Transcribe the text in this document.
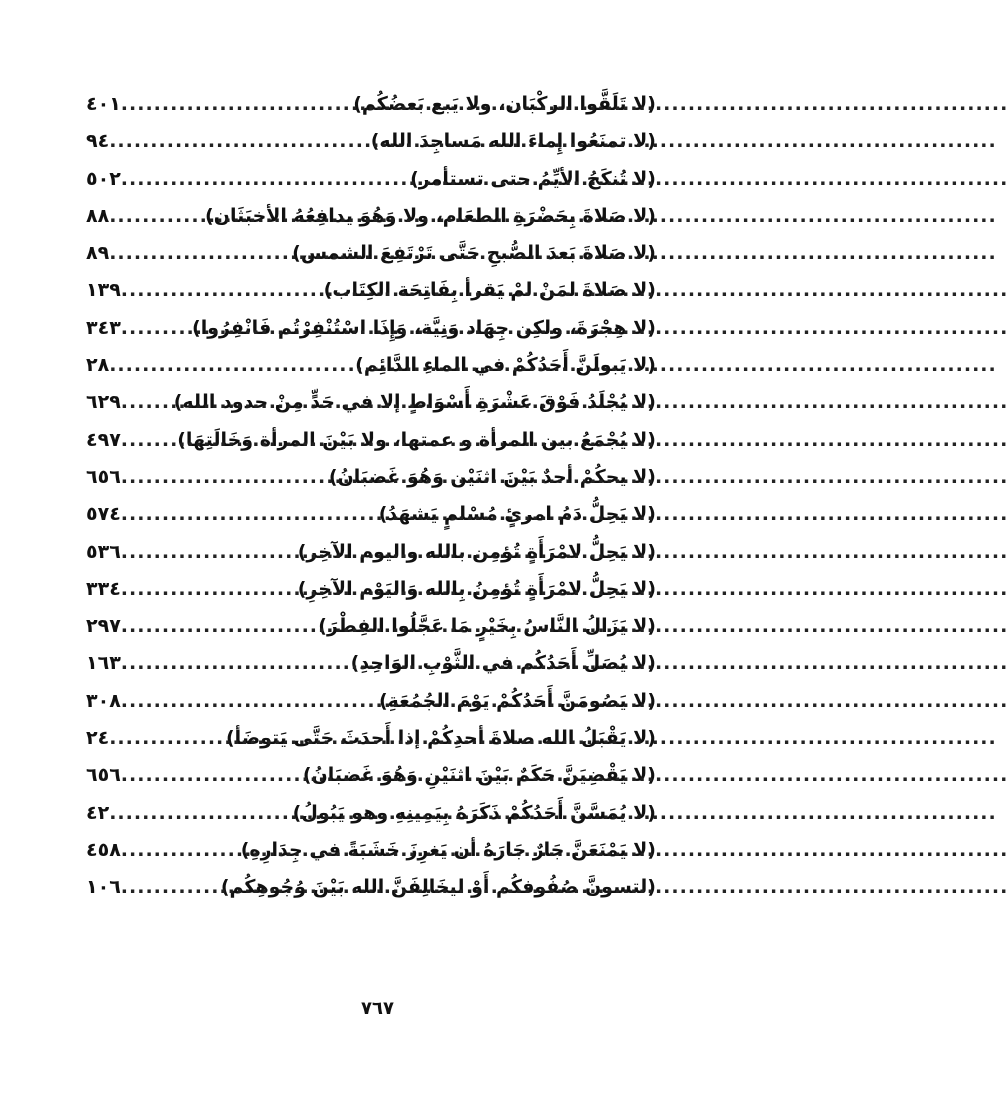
(لا تَلَقَّوا الركْبَان، ولا يَبع بَعضُكُم)
.....
٤٠١
(لا تمنَعُوا إِماءَ الله مَساجِدَ الله)
.....
٩٤
(لا تُنكَحُ الأيِّمُ حتى تستأمر)
.....
٥٠٢
(لا صَلاةَ بِحَضْرَةِ الطعَام، ولا وَهُوَ يدافِعُهُ الأخبَثَان)
.....
٨٨
(لا صَلاةَ بَعدَ الصُّبحِ حَتَّى تَرْتَفِعَ الشمس)
.....
٨٩
(لا صَلاةَ لمَنْ لمْ يَقرأ بِفَاتِحَة الكِتَاب)
.....
١٣٩
(لا هِجْرَةَ، ولكِن جِهَاد وَنِيَّة، وَإِذَا اسْتُنْفِرْتُم فَانْفِرُوا)
.....
٣٤٣
(لا يَبولَنَّ أَحَدُكُمْ في الماءِ الدَّائِم)
.....
٢٨
(لا يُجْلَدُ فَوْقَ عَشْرَةِ أَسْوَاطٍ إلا في حَدٍّ مِنْ حدود الله)
.....
٦٢٩
(لا يُجْمَعُ بين المرأة و عمتها، ولا بَيْنَ المرأة وَخَالَتِهَا)
.....
٤٩٧
(لا يحكُمْ أحدٌ بَيْنَ اثنَيْن وَهُوَ غَضبَانُ)
.....
٦٥٦
(لا يَحِلُّ دَمُ امرئٍ مُسْلمٍ يَشهَدُ)
.....
٥٧٤
(لا يَحِلُّ لامْرَأَةٍ تُؤمِن بالله واليوم الآخِر)
.....
٥٣٦
(لا يَحِلُّ لامْرَأَةٍ تُؤمِنُ بِالله وَاليَوْم الآخِرِ)
.....
٣٣٤
(لا يَزَالُ النَّاسُ بِخَيْرٍ مَا عَجَّلُوا الفِطْرَ)
.....
٢٩٧
(لا يُصَلِّ أَحَدُكُم في الثَّوْبِ الوَاحِدِ)
.....
١٦٣
(لا يَصُومَنَّ أَحَدُكُمْ يَوْمَ الجُمُعَةِ)
.....
٣٠٨
(لا يَقْبَلُ الله صلاةَ أحدِكُمْ إذا أَحدَثَ حَتَّى يَتوضَأ)
.....
٢٤
(لا يَقْضِيَنَّ حَكَمٌ بَيْنَ اثنَيْنِ وَهُوَ غَضبَانُ)
.....
٦٥٦
(لا يُمَسَّنَّ أَحَدُكُمْ ذَكَرَهُ بِيَمِينِهِ وهو يَبُولُ)
.....
٤٢
(لا يَمْنَعَنَّ جَارٌ جَارَهُ أن يَغرِزَ خَشَبَةً في جِدَارِهِ)
.....
٤٥٨
(لتسونَّ صُفُوفكُم أَوْ ليخَالِفَنَّ الله بَيْنَ وُجُوهِكُم)
.....
١٠٦
٧٦٧
